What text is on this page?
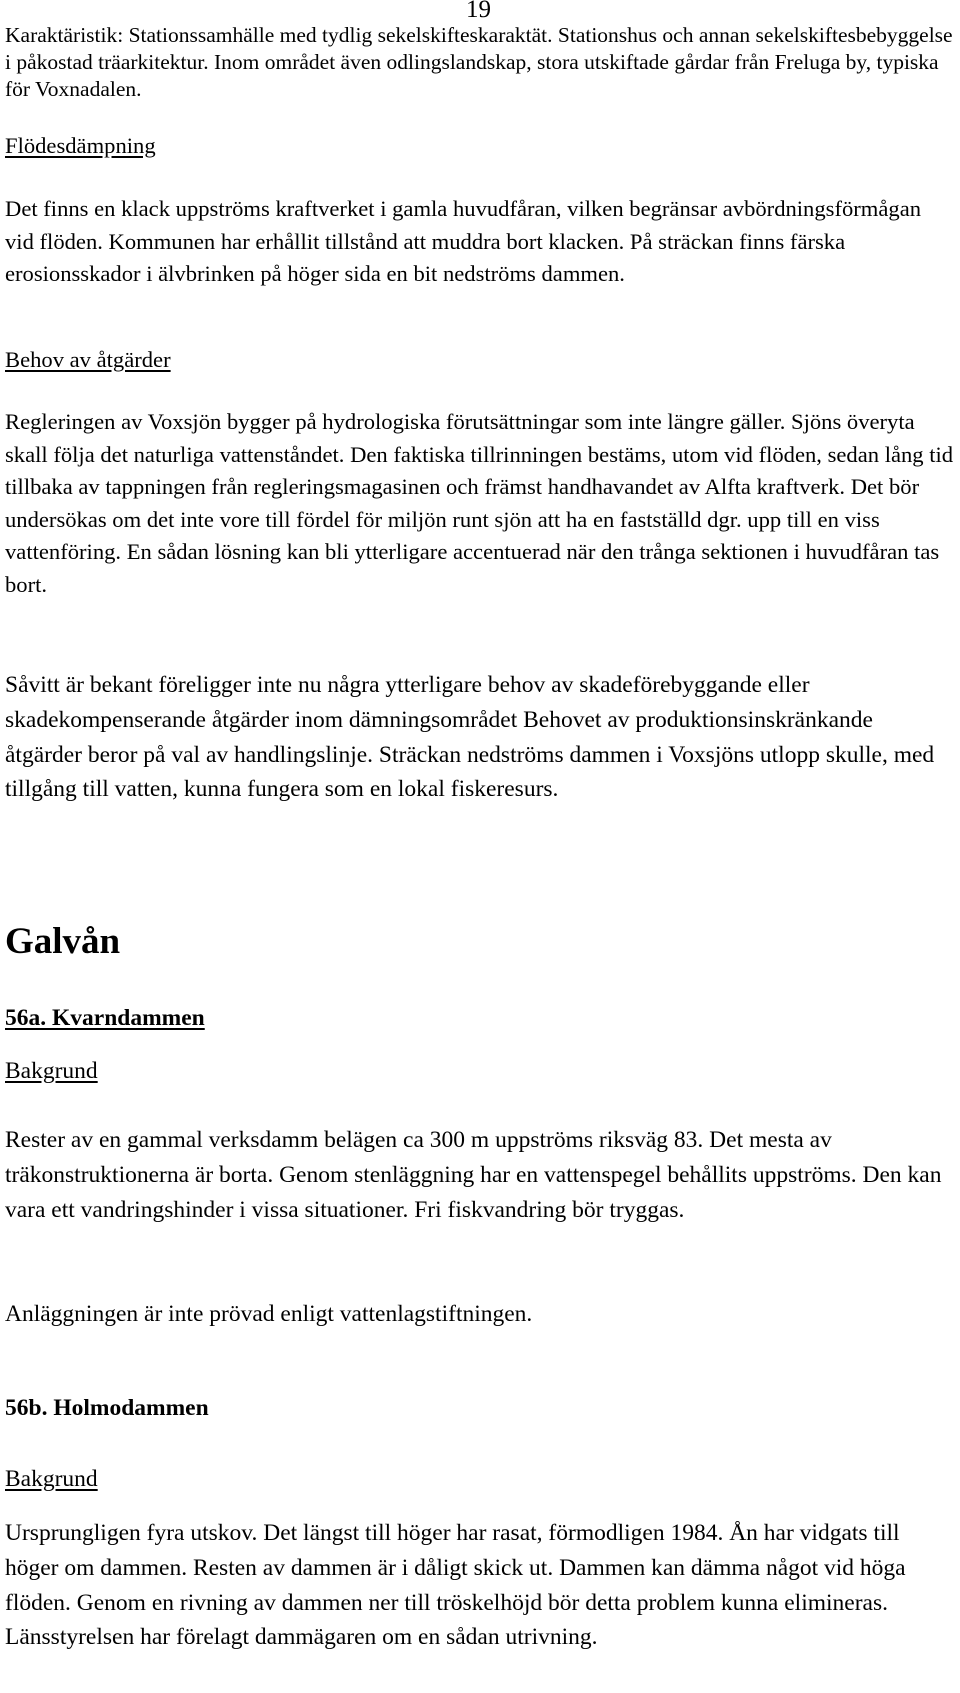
19

Karaktäristik: Stationssamhälle med tydlig sekelskifteskaraktät. Stationshus och annan sekelskiftesbebyggelse i påkostad träarkitektur. Inom området även odlingslandskap, stora utskiftade gårdar från Freluga by, typiska för Voxnadalen.

Flödesdämpning

Det finns en klack uppströms kraftverket i gamla huvudfåran, vilken begränsar avbördningsförmågan vid flöden. Kommunen har erhållit tillstånd att muddra bort klacken. På sträckan finns färska erosionsskador i älvbrinken på höger sida en bit nedströms dammen.

Behov av åtgärder

Regleringen av Voxsjön bygger på hydrologiska förutsättningar som inte längre gäller. Sjöns överyta skall följa det naturliga vattenståndet. Den faktiska tillrinningen bestäms, utom vid flöden, sedan lång tid tillbaka av tappningen från regleringsmagasinen och främst handhavandet av Alfta kraftverk. Det bör undersökas om det inte vore till fördel för miljön runt sjön att ha en fastställd dgr. upp till en viss vattenföring. En sådan lösning kan bli ytterligare accentuerad när den trånga sektionen i huvudfåran tas bort.

Såvitt är bekant föreligger inte nu några ytterligare behov av skadeförebyggande eller skadekompenserande åtgärder inom dämningsområdet Behovet av produktionsinskränkande åtgärder beror på val av handlingslinje. Sträckan nedströms dammen i Voxsjöns utlopp skulle, med tillgång till vatten, kunna fungera som en lokal fiskeresurs.

Galvån
56a. Kvarndammen
Bakgrund

Rester av en gammal verksdamm belägen ca 300 m uppströms riksväg 83. Det mesta av träkonstruktionerna är borta. Genom stenläggning har en vattenspegel behållits uppströms. Den kan vara ett vandringshinder i vissa situationer. Fri fiskvandring bör tryggas.

Anläggningen är inte prövad enligt vattenlagstiftningen.

56b. Holmodammen
Bakgrund

Ursprungligen fyra utskov. Det längst till höger har rasat, förmodligen 1984. Ån har vidgats till höger om dammen. Resten av dammen är i dåligt skick ut. Dammen kan dämma något vid höga flöden. Genom en rivning av dammen ner till tröskelhöjd bör detta problem kunna elimineras. Länsstyrelsen har förelagt dammägaren om en sådan utrivning.
